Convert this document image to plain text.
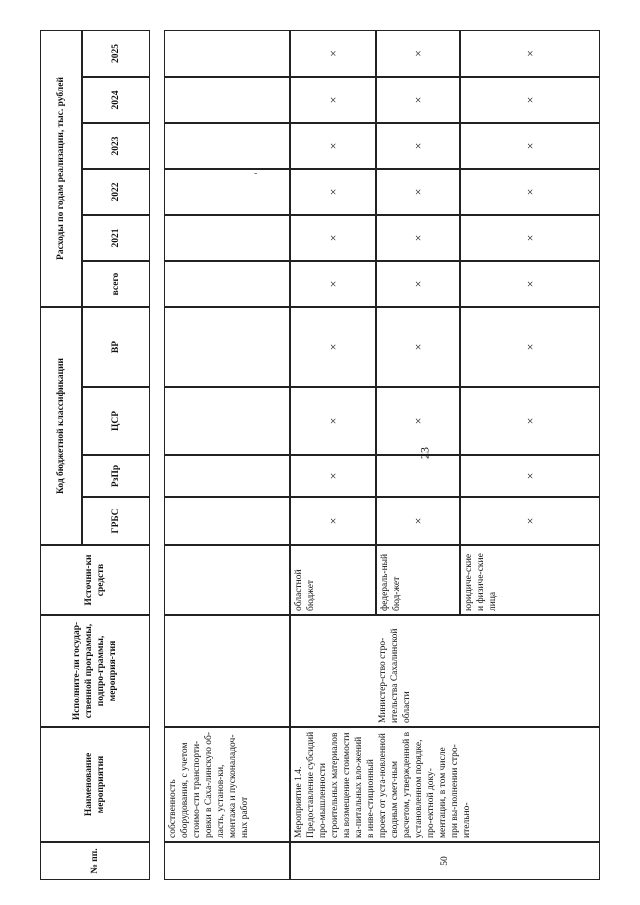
23
-
№ пп.
Наименование мероприятия
Исполните-ли государ-ственной программы, подпро-граммы, мероприя-тия
Источни-ки средств
Код бюджетной классификации
ГРБС
РзПр
ЦСР
ВР
Расходы по годам реализации, тыс. рублей
всего
2021
2022
2023
2024
2025
собственность оборудования, с учетом стоимо-сти транспорти-ровки в Саха-линскую об-ласть, установ-ки, монтажа и пусконаладоч-ных работ
50
Мероприятие 1.4. Предоставление субсидий про-мышленности строительных материалов на возмещение стоимости ка-питальных вло-жений в инве-стиционный проект от уста-новленной сводным смет-ным расчетом, утвержденной в установленном порядке, про-ектной доку-ментации, в том числе при вы-полнении стро-ительно-
Министер-ство стро-ительства Сахалинской области
областной бюджет
×
×
×
×
×
×
×
×
×
×
федераль-ный бюд-жет
×
×
×
×
×
×
×
×
×
юридиче-ские и физиче-ские лица
×
×
×
×
×
×
×
×
×
×
